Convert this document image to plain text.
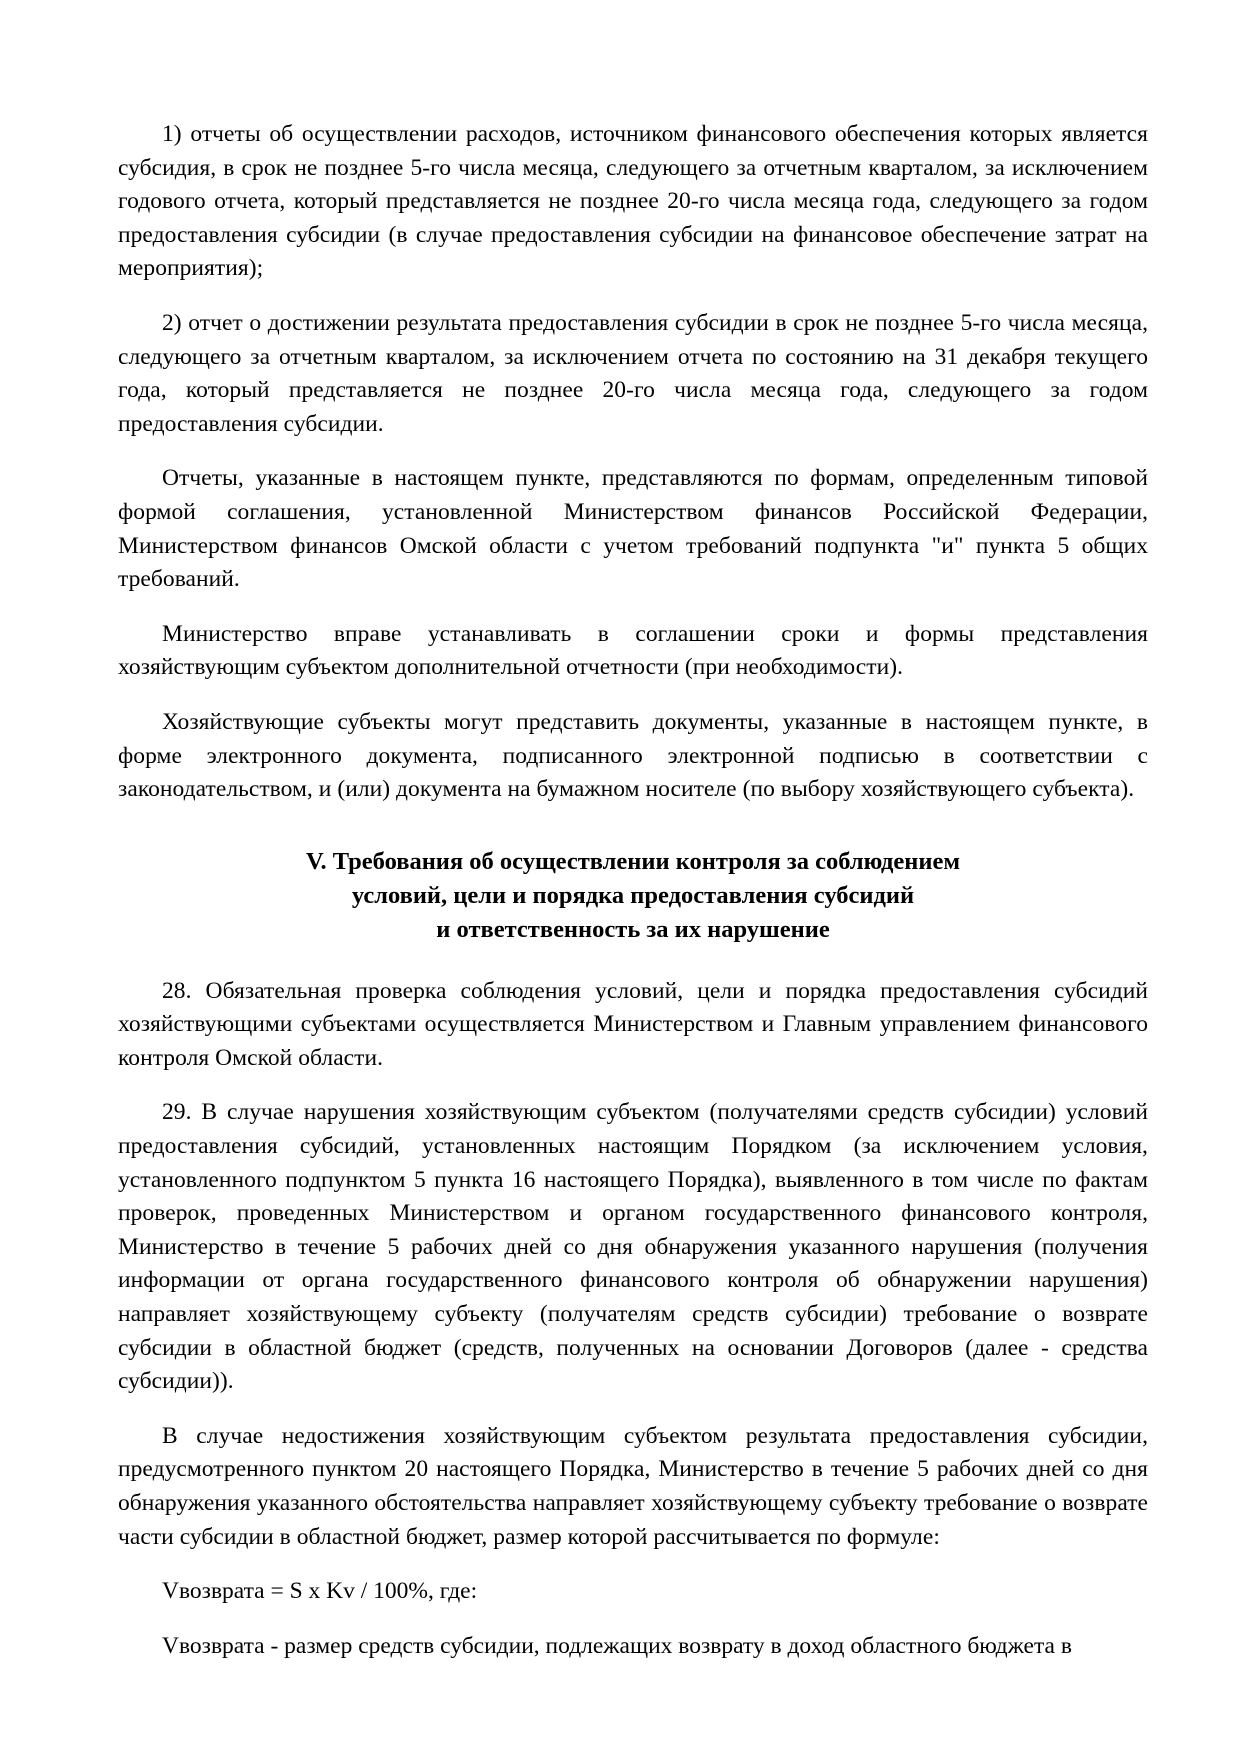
1) отчеты об осуществлении расходов, источником финансового обеспечения которых является субсидия, в срок не позднее 5-го числа месяца, следующего за отчетным кварталом, за исключением годового отчета, который представляется не позднее 20-го числа месяца года, следующего за годом предоставления субсидии (в случае предоставления субсидии на финансовое обеспечение затрат на мероприятия);

2) отчет о достижении результата предоставления субсидии в срок не позднее 5-го числа месяца, следующего за отчетным кварталом, за исключением отчета по состоянию на 31 декабря текущего года, который представляется не позднее 20-го числа месяца года, следующего за годом предоставления субсидии.

Отчеты, указанные в настоящем пункте, представляются по формам, определенным типовой формой соглашения, установленной Министерством финансов Российской Федерации, Министерством финансов Омской области с учетом требований подпункта "и" пункта 5 общих требований.

Министерство вправе устанавливать в соглашении сроки и формы представления хозяйствующим субъектом дополнительной отчетности (при необходимости).

Хозяйствующие субъекты могут представить документы, указанные в настоящем пункте, в форме электронного документа, подписанного электронной подписью в соответствии с законодательством, и (или) документа на бумажном носителе (по выбору хозяйствующего субъекта).

V. Требования об осуществлении контроля за соблюдением
условий, цели и порядка предоставления субсидий
и ответственность за их нарушение

28. Обязательная проверка соблюдения условий, цели и порядка предоставления субсидий хозяйствующими субъектами осуществляется Министерством и Главным управлением финансового контроля Омской области.

29. В случае нарушения хозяйствующим субъектом (получателями средств субсидии) условий предоставления субсидий, установленных настоящим Порядком (за исключением условия, установленного подпунктом 5 пункта 16 настоящего Порядка), выявленного в том числе по фактам проверок, проведенных Министерством и органом государственного финансового контроля, Министерство в течение 5 рабочих дней со дня обнаружения указанного нарушения (получения информации от органа государственного финансового контроля об обнаружении нарушения) направляет хозяйствующему субъекту (получателям средств субсидии) требование о возврате субсидии в областной бюджет (средств, полученных на основании Договоров (далее - средства субсидии)).

В случае недостижения хозяйствующим субъектом результата предоставления субсидии, предусмотренного пунктом 20 настоящего Порядка, Министерство в течение 5 рабочих дней со дня обнаружения указанного обстоятельства направляет хозяйствующему субъекту требование о возврате части субсидии в областной бюджет, размер которой рассчитывается по формуле:

Vвозврата = S x Kv / 100%, где:

Vвозврата - размер средств субсидии, подлежащих возврату в доход областного бюджета в
